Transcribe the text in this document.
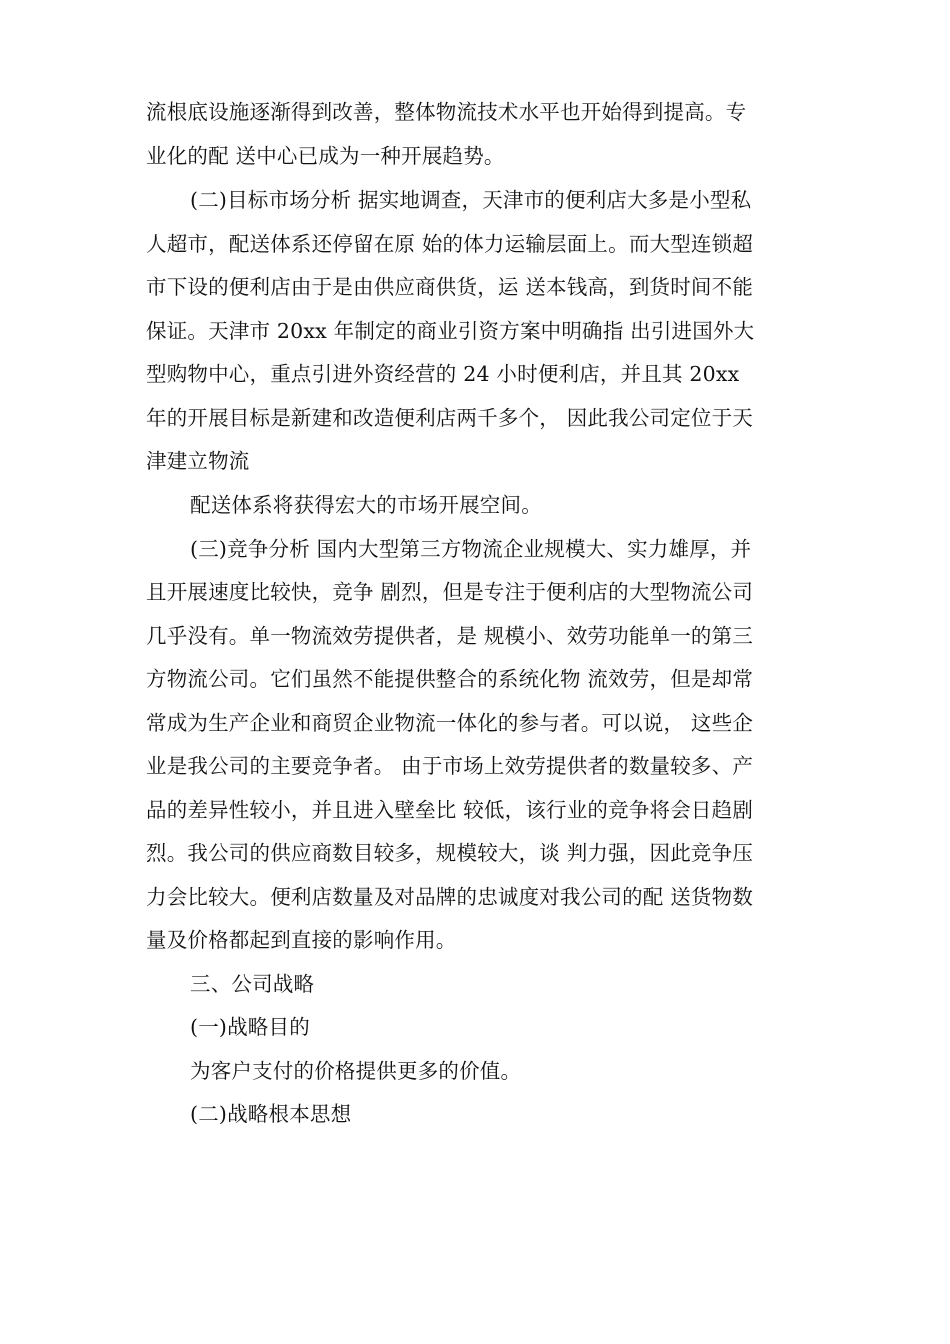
流根底设施逐渐得到改善，整体物流技术水平也开始得到提高。专
业化的配 送中心已成为一种开展趋势。
(二)目标市场分析 据实地调查，天津市的便利店大多是小型私
人超市，配送体系还停留在原 始的体力运输层面上。而大型连锁超
市下设的便利店由于是由供应商供货，运 送本钱高，到货时间不能
保证。天津市 20xx 年制定的商业引资方案中明确指 出引进国外大
型购物中心，重点引进外资经营的 24 小时便利店，并且其 20xx
年的开展目标是新建和改造便利店两千多个， 因此我公司定位于天
津建立物流
配送体系将获得宏大的市场开展空间。
(三)竞争分析 国内大型第三方物流企业规模大、实力雄厚，并
且开展速度比较快，竞争 剧烈，但是专注于便利店的大型物流公司
几乎没有。单一物流效劳提供者，是 规模小、效劳功能单一的第三
方物流公司。它们虽然不能提供整合的系统化物 流效劳，但是却常
常成为生产企业和商贸企业物流一体化的参与者。可以说， 这些企
业是我公司的主要竞争者。 由于市场上效劳提供者的数量较多、产
品的差异性较小，并且进入壁垒比 较低，该行业的竞争将会日趋剧
烈。我公司的供应商数目较多，规模较大，谈 判力强，因此竞争压
力会比较大。便利店数量及对品牌的忠诚度对我公司的配 送货物数
量及价格都起到直接的影响作用。
三、公司战略
(一)战略目的
为客户支付的价格提供更多的价值。
(二)战略根本思想
